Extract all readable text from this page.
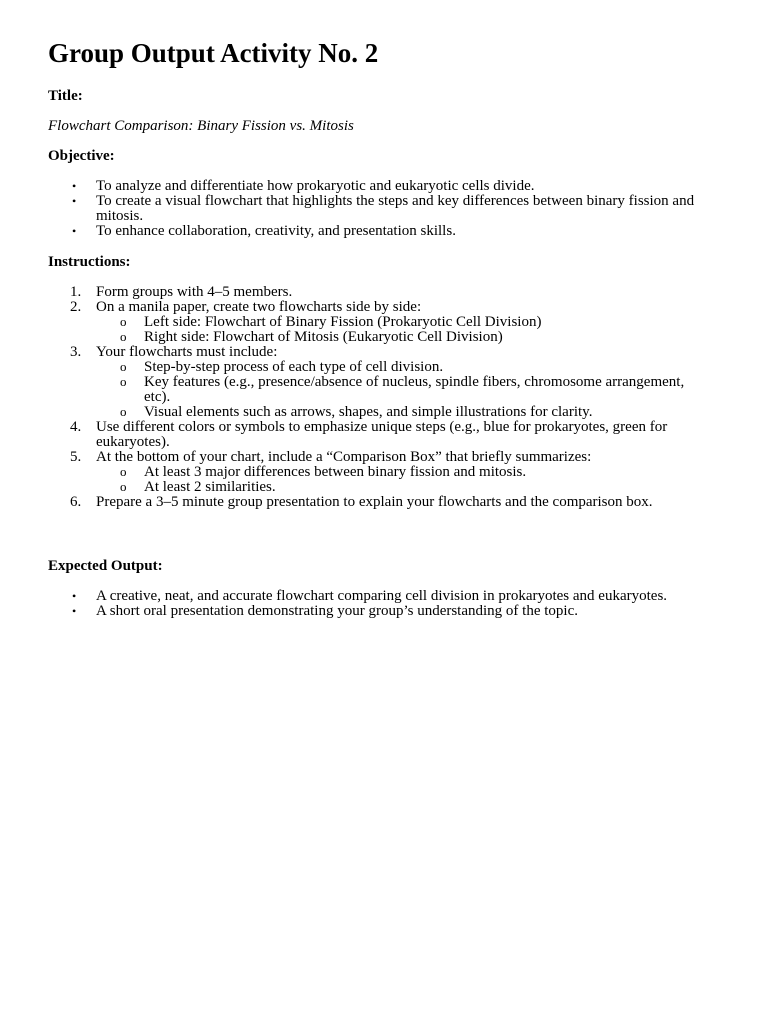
Group Output Activity No. 2
Title:
Flowchart Comparison: Binary Fission vs. Mitosis
Objective:
• To analyze and differentiate how prokaryotic and eukaryotic cells divide.
• To create a visual flowchart that highlights the steps and key differences between binary fission and mitosis.
• To enhance collaboration, creativity, and presentation skills.
Instructions:
1. Form groups with 4–5 members.
2. On a manila paper, create two flowcharts side by side:
o Left side: Flowchart of Binary Fission (Prokaryotic Cell Division)
o Right side: Flowchart of Mitosis (Eukaryotic Cell Division)
3. Your flowcharts must include:
o Step-by-step process of each type of cell division.
o Key features (e.g., presence/absence of nucleus, spindle fibers, chromosome arrangement, etc).
o Visual elements such as arrows, shapes, and simple illustrations for clarity.
4. Use different colors or symbols to emphasize unique steps (e.g., blue for prokaryotes, green for eukaryotes).
5. At the bottom of your chart, include a “Comparison Box” that briefly summarizes:
o At least 3 major differences between binary fission and mitosis.
o At least 2 similarities.
6. Prepare a 3–5 minute group presentation to explain your flowcharts and the comparison box.
Expected Output:
• A creative, neat, and accurate flowchart comparing cell division in prokaryotes and eukaryotes.
• A short oral presentation demonstrating your group’s understanding of the topic.
